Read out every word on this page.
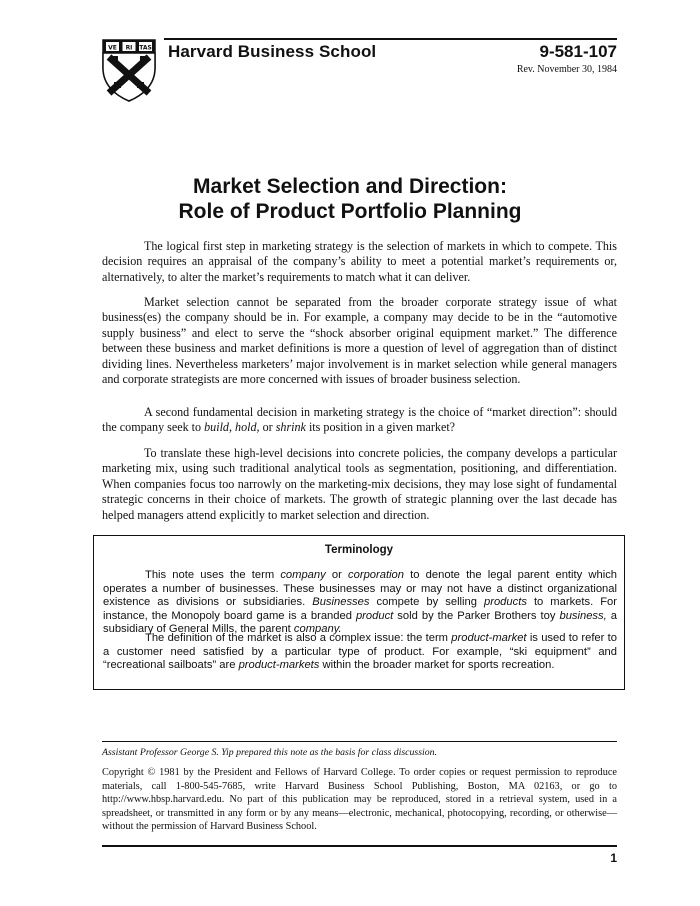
VE RI TAS Harvard Business School	9-581-107
Rev. November 30, 1984
Market Selection and Direction:
Role of Product Portfolio Planning

The logical first step in marketing strategy is the selection of markets in which to compete. This decision requires an appraisal of the company’s ability to meet a potential market’s requirements or, alternatively, to alter the market’s requirements to match what it can deliver.

Market selection cannot be separated from the broader corporate strategy issue of what business(es) the company should be in. For example, a company may decide to be in the “automotive supply business” and elect to serve the “shock absorber original equipment market.” The difference between these business and market definitions is more a question of level of aggregation than of distinct dividing lines. Nevertheless marketers’ major involvement is in market selection while general managers and corporate strategists are more concerned with issues of broader business selection.

A second fundamental decision in marketing strategy is the choice of “market direction”: should the company seek to build, hold, or shrink its position in a given market?

To translate these high-level decisions into concrete policies, the company develops a particular marketing mix, using such traditional analytical tools as segmentation, positioning, and differentiation. When companies focus too narrowly on the marketing-mix decisions, they may lose sight of fundamental strategic concerns in their choice of markets. The growth of strategic planning over the last decade has helped managers attend explicitly to market selection and direction.

Terminology

This note uses the term company or corporation to denote the legal parent entity which operates a number of businesses. These businesses may or may not have a distinct organizational existence as divisions or subsidiaries. Businesses compete by selling products to markets. For instance, the Monopoly board game is a branded product sold by the Parker Brothers toy business, a subsidiary of General Mills, the parent company.

The definition of the market is also a complex issue: the term product-market is used to refer to a customer need satisfied by a particular type of product. For example, “ski equipment” and “recreational sailboats” are product-markets within the broader market for sports recreation.

Assistant Professor George S. Yip prepared this note as the basis for class discussion.
Copyright © 1981 by the President and Fellows of Harvard College. To order copies or request permission to reproduce materials, call 1-800-545-7685, write Harvard Business School Publishing, Boston, MA 02163, or go to http://www.hbsp.harvard.edu. No part of this publication may be reproduced, stored in a retrieval system, used in a spreadsheet, or transmitted in any form or by any means—electronic, mechanical, photocopying, recording, or otherwise—without the permission of Harvard Business School.
1
